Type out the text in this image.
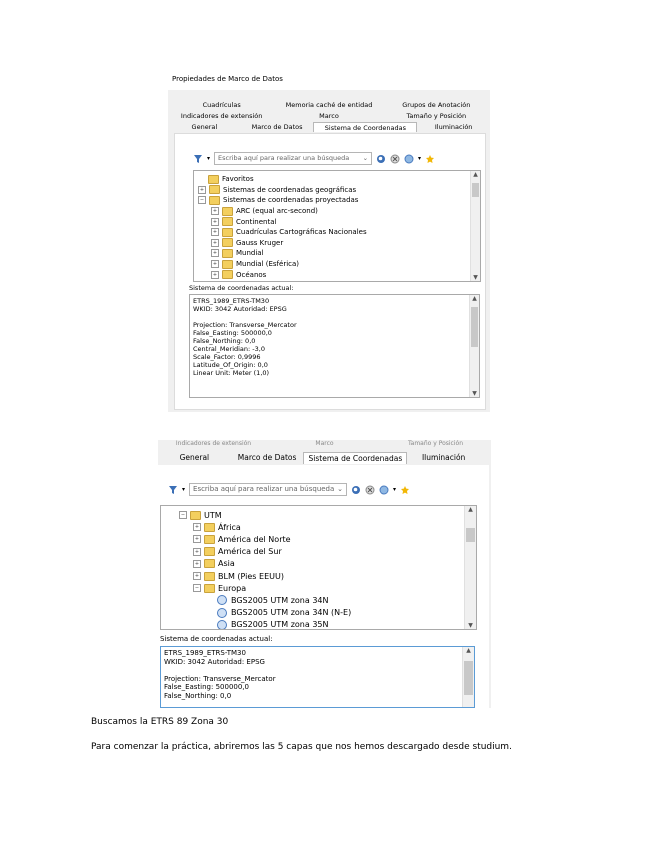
Propiedades de Marco de Datos
Cuadrículas	Memoria caché de entidad	Grupos de Anotación
Indicadores de extensión	Marco	Tamaño y Posición
General	Marco de Datos	Sistema de Coordenadas	Iluminación
▾ Escriba aquí para realizar una búsqueda ⌄	▾
Favoritos
+	Sistemas de coordenadas geográficas
−	Sistemas de coordenadas proyectadas
+	ARC (equal arc-second)
+	Continental
+	Cuadrículas Cartográficas Nacionales
+	Gauss Kruger
+	Mundial
+	Mundial (Esférica)
+	Océanos
▲
▼
Sistema de coordenadas actual:
ETRS_1989_ETRS-TM30
WKID: 3042 Autoridad: EPSG

Projection: Transverse_Mercator
False_Easting: 500000,0
False_Northing: 0,0
Central_Meridian: -3,0
Scale_Factor: 0,9996
Latitude_Of_Origin: 0,0
Linear Unit: Meter (1,0)
▲
▼
Indicadores de extensión	Marco	Tamaño y Posición
General	Marco de Datos	Sistema de Coordenadas	Iluminación
▾ Escriba aquí para realizar una búsqueda ⌄	▾
− UTM
+ África
+ América del Norte
+ América del Sur
+ Asia
+ BLM (Pies EEUU)
− Europa
BGS2005 UTM zona 34N
BGS2005 UTM zona 34N (N-E)
BGS2005 UTM zona 35N
▲
▼
Sistema de coordenadas actual:
ETRS_1989_ETRS-TM30
WKID: 3042 Autoridad: EPSG

Projection: Transverse_Mercator
False_Easting: 500000,0
False_Northing: 0,0
▲
Buscamos la ETRS 89 Zona 30
Para comenzar la práctica, abriremos las 5 capas que nos hemos descargado desde studium.
